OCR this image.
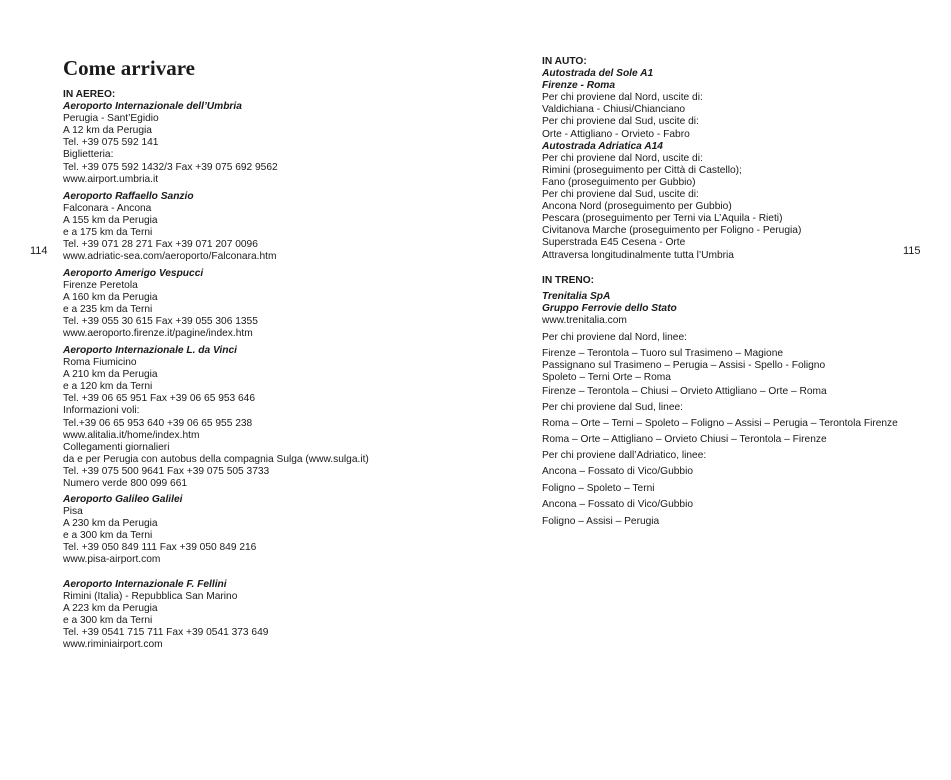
Come arrivare
114	115
IN AEREO:
Aeroporto Internazionale dell’Umbria
Perugia - Sant’Egidio
A 12 km da Perugia
Tel. +39 075 592 141
Biglietteria:
Tel. +39 075 592 1432/3 Fax +39 075 692 9562
www.airport.umbria.it
Aeroporto Raffaello Sanzio
Falconara - Ancona
A 155 km da Perugia
e a 175 km da Terni
Tel. +39 071 28 271 Fax +39 071 207 0096
www.adriatic-sea.com/aeroporto/Falconara.htm
Aeroporto Amerigo Vespucci
Firenze Peretola
A 160 km da Perugia
e a 235 km da Terni
Tel. +39 055 30 615 Fax +39 055 306 1355
www.aeroporto.firenze.it/pagine/index.htm
Aeroporto Internazionale L. da Vinci
Roma Fiumicino
A 210 km da Perugia
e a 120 km da Terni
Tel. +39 06 65 951 Fax +39 06 65 953 646
Informazioni voli:
Tel.+39 06 65 953 640 +39 06 65 955 238
www.alitalia.it/home/index.htm
Collegamenti giornalieri
da e per Perugia con autobus della compagnia Sulga (www.sulga.it)
Tel. +39 075 500 9641 Fax +39 075 505 3733
Numero verde 800 099 661
Aeroporto Galileo Galilei
Pisa
A 230 km da Perugia
e a 300 km da Terni
Tel. +39 050 849 111 Fax +39 050 849 216
www.pisa-airport.com
Aeroporto Internazionale F. Fellini
Rimini (Italia) - Repubblica San Marino
A 223 km da Perugia
e a 300 km da Terni
Tel. +39 0541 715 711 Fax +39 0541 373 649
www.riminiairport.com
IN AUTO:
Autostrada del Sole A1
Firenze - Roma
Per chi proviene dal Nord, uscite di:
Valdichiana - Chiusi/Chianciano
Per chi proviene dal Sud, uscite di:
Orte - Attigliano - Orvieto - Fabro
Autostrada Adriatica A14
Per chi proviene dal Nord, uscite di:
Rimini (proseguimento per Città di Castello);
Fano (proseguimento per Gubbio)
Per chi proviene dal Sud, uscite di:
Ancona Nord (proseguimento per Gubbio)
Pescara (proseguimento per Terni via L’Aquila - Rieti)
Civitanova Marche (proseguimento per Foligno - Perugia)
Superstrada E45 Cesena - Orte
Attraversa longitudinalmente tutta l’Umbria
IN TRENO:
Trenitalia SpA
Gruppo Ferrovie dello Stato
www.trenitalia.com
Per chi proviene dal Nord, linee:
Firenze – Terontola – Tuoro sul Trasimeno – Magione
Passignano sul Trasimeno – Perugia – Assisi - Spello - Foligno
Spoleto – Terni Orte – Roma
Firenze – Terontola – Chiusi – Orvieto Attigliano – Orte – Roma
Per chi proviene dal Sud, linee:
Roma – Orte – Terni – Spoleto – Foligno – Assisi – Perugia – Terontola Firenze
Roma – Orte – Attigliano – Orvieto Chiusi – Terontola – Firenze
Per chi proviene dall’Adriatico, linee:
Ancona – Fossato di Vico/Gubbio
Foligno – Spoleto – Terni
Ancona – Fossato di Vico/Gubbio
Foligno – Assisi – Perugia
